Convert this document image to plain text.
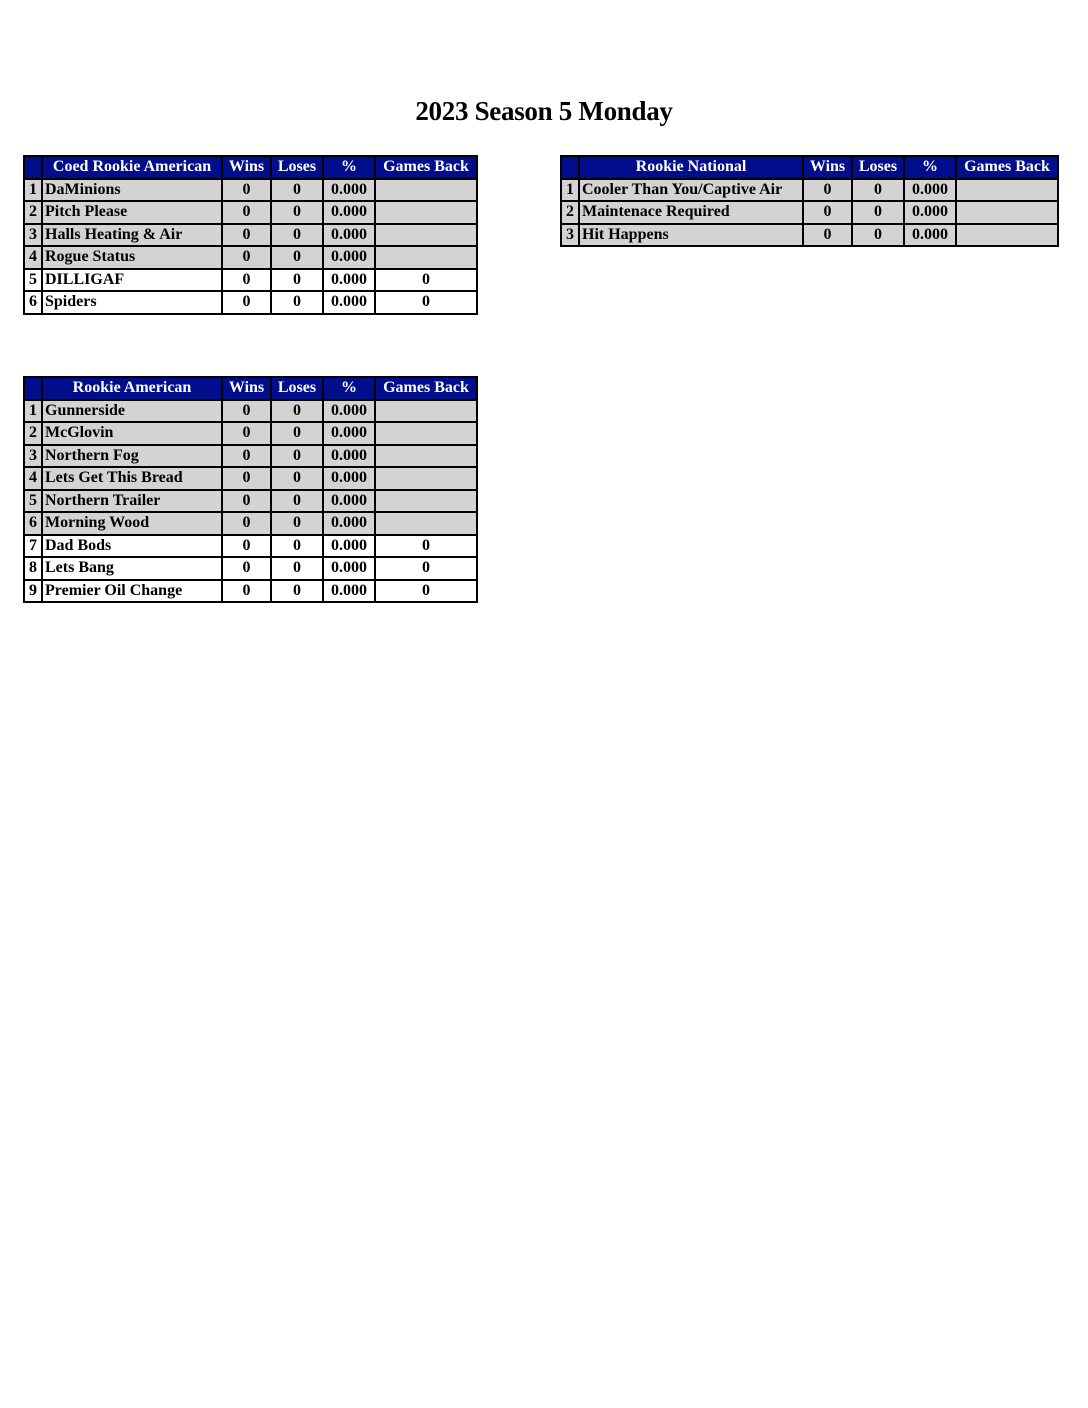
2023 Season 5 Monday
	Coed Rookie American	Wins	Loses	%	Games Back
1	DaMinions	0	0	0.000	
2	Pitch Please	0	0	0.000	
3	Halls Heating & Air	0	0	0.000	
4	Rogue Status	0	0	0.000	
5	DILLIGAF	0	0	0.000	0
6	Spiders	0	0	0.000	0
	Rookie National	Wins	Loses	%	Games Back
1	Cooler Than You/Captive Air	0	0	0.000	
2	Maintenace Required	0	0	0.000	
3	Hit Happens	0	0	0.000	
	Rookie American	Wins	Loses	%	Games Back
1	Gunnerside	0	0	0.000	
2	McGlovin	0	0	0.000	
3	Northern Fog	0	0	0.000	
4	Lets Get This Bread	0	0	0.000	
5	Northern Trailer	0	0	0.000	
6	Morning Wood	0	0	0.000	
7	Dad Bods	0	0	0.000	0
8	Lets Bang	0	0	0.000	0
9	Premier Oil Change	0	0	0.000	0
